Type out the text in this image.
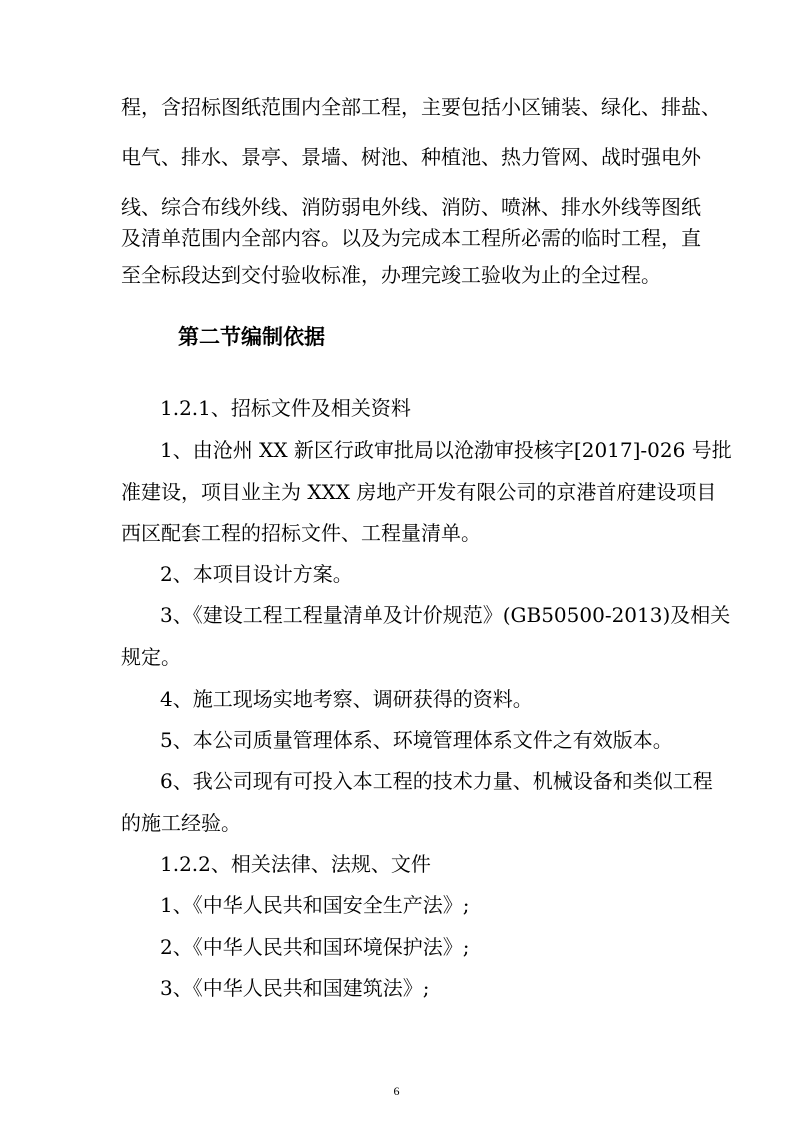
程，含招标图纸范围内全部工程，主要包括小区铺装、绿化、排盐、
电气、排水、景亭、景墙、树池、种植池、热力管网、战时强电外
线、综合布线外线、消防弱电外线、消防、喷淋、排水外线等图纸
及清单范围内全部内容。以及为完成本工程所必需的临时工程，直
至全标段达到交付验收标准，办理完竣工验收为止的全过程。
第二节编制依据
1.2.1、招标文件及相关资料
1、由沧州 XX 新区行政审批局以沧渤审投核字[2017]-026 号批
准建设，项目业主为 XXX 房地产开发有限公司的京港首府建设项目
西区配套工程的招标文件、工程量清单。
2、本项目设计方案。
3、《建设工程工程量清单及计价规范》(GB50500-2013)及相关
规定。
4、施工现场实地考察、调研获得的资料。
5、本公司质量管理体系、环境管理体系文件之有效版本。
6、我公司现有可投入本工程的技术力量、机械设备和类似工程
的施工经验。
1.2.2、相关法律、法规、文件
1、《中华人民共和国安全生产法》;
2、《中华人民共和国环境保护法》;
3、《中华人民共和国建筑法》;
6
